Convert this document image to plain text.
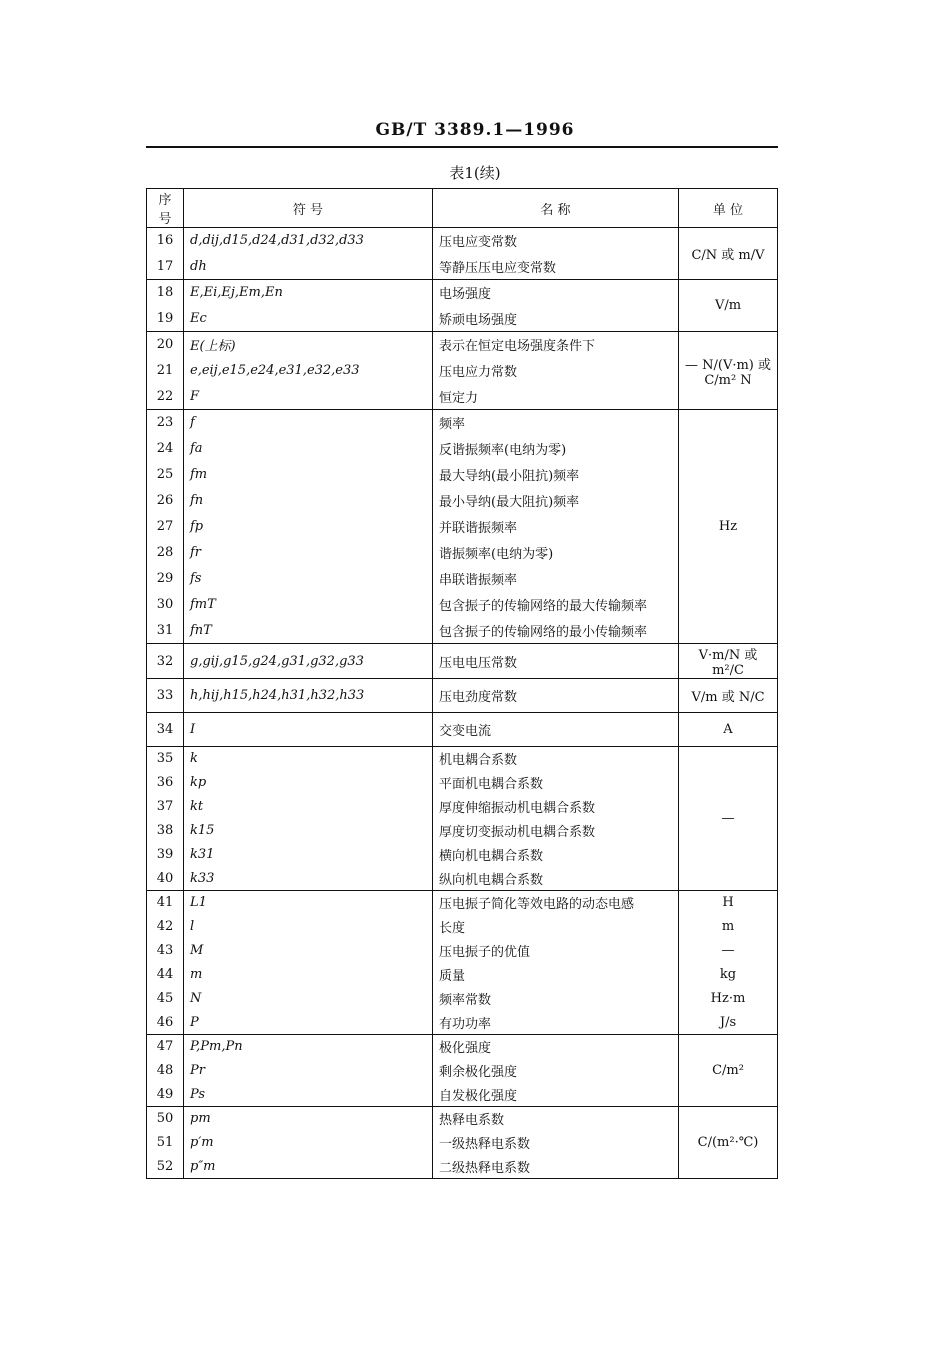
GB/T 3389.1—1996
表1(续)
序号	符 号	名 称	单 位
16	d,dij,d15,d24,d31,d32,d33	压电应变常数	C/N 或 m/V
17	dh	等静压压电应变常数	
18	E,Ei,Ej,Em,En	电场强度	V/m
19	Ec	矫顽电场强度	
20	E(上标)	表示在恒定电场强度条件下	— N/(V·m) 或 C/m² N
21	e,eij,e15,e24,e31,e32,e33	压电应力常数	
22	F	恒定力	
23	f	频率	Hz
24	fa	反谐振频率(电纳为零)	
25	fm	最大导纳(最小阻抗)频率	
26	fn	最小导纳(最大阻抗)频率	
27	fp	并联谐振频率	
28	fr	谐振频率(电纳为零)	
29	fs	串联谐振频率	
30	fmT	包含振子的传输网络的最大传输频率	
31	fnT	包含振子的传输网络的最小传输频率	
32	g,gij,g15,g24,g31,g32,g33	压电电压常数	V·m/N 或 m²/C
33	h,hij,h15,h24,h31,h32,h33	压电劲度常数	V/m 或 N/C
34	I	交变电流	A
35	k	机电耦合系数	—
36	kp	平面机电耦合系数	
37	kt	厚度伸缩振动机电耦合系数	
38	k15	厚度切变振动机电耦合系数	
39	k31	横向机电耦合系数	
40	k33	纵向机电耦合系数	
41	L1	压电振子简化等效电路的动态电感	H
42	l	长度	m
43	M	压电振子的优值	—
44	m	质量	kg
45	N	频率常数	Hz·m
46	P	有功功率	J/s
47	P,Pm,Pn	极化强度	C/m²
48	Pr	剩余极化强度	
49	Ps	自发极化强度	
50	pm	热释电系数	C/(m²·℃)
51	p′m	一级热释电系数	
52	p″m	二级热释电系数	
